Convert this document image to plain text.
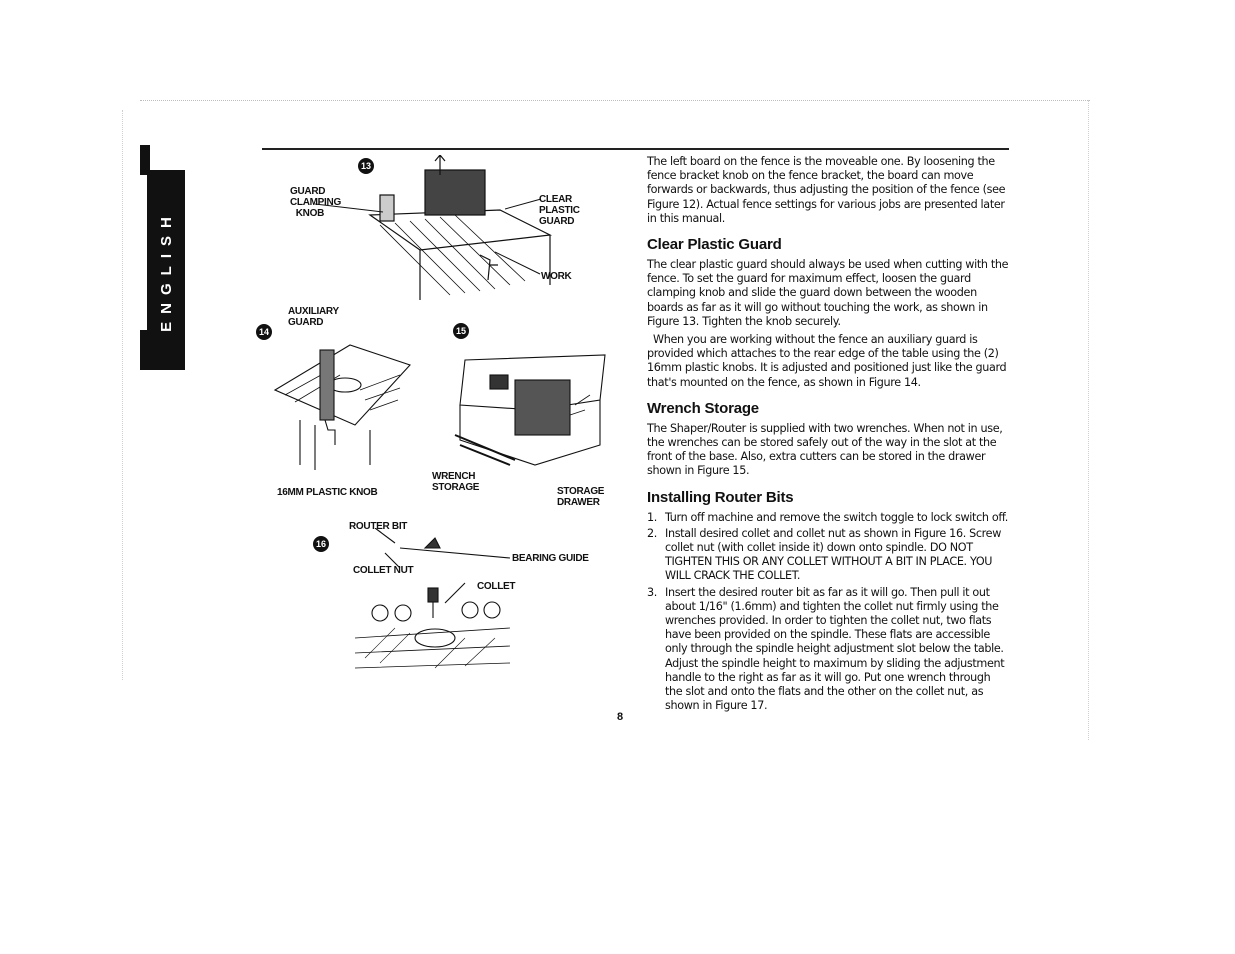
ENGLISH
13
GUARD
CLAMPING
KNOB
CLEAR
PLASTIC
GUARD
WORK
14
AUXILIARY
GUARD
16MM PLASTIC KNOB
15
WRENCH
STORAGE	STORAGE
DRAWER
ROUTER BIT
16
BEARING GUIDE
COLLET NUT
COLLET

The left board on the fence is the moveable one. By loosening the fence bracket knob on the fence bracket, the board can move forwards or backwards, thus adjusting the position of the fence (see Figure 12). Actual fence settings for various jobs are presented later in this manual.

Clear Plastic Guard

The clear plastic guard should always be used when cutting with the fence. To set the guard for maximum effect, loosen the guard clamping knob and slide the guard down between the wooden boards as far as it will go without touching the work, as shown in Figure 13. Tighten the knob securely.

When you are working without the fence an auxiliary guard is provided which attaches to the rear edge of the table using the (2) 16mm plastic knobs. It is adjusted and positioned just like the guard that's mounted on the fence, as shown in Figure 14.

Wrench Storage

The Shaper/Router is supplied with two wrenches. When not in use, the wrenches can be stored safely out of the way in the slot at the front of the base. Also, extra cutters can be stored in the drawer shown in Figure 15.

Installing Router Bits
1. Turn off machine and remove the switch toggle to lock switch off.
2. Install desired collet and collet nut as shown in Figure 16. Screw collet nut (with collet inside it) down onto spindle. DO NOT TIGHTEN THIS OR ANY COLLET WITHOUT A BIT IN PLACE. YOU WILL CRACK THE COLLET.
3. Insert the desired router bit as far as it will go. Then pull it out about 1/16" (1.6mm) and tighten the collet nut firmly using the wrenches provided. In order to tighten the collet nut, two flats have been provided on the spindle. These flats are accessible only through the spindle height adjustment slot below the table. Adjust the spindle height to maximum by sliding the adjustment handle to the right as far as it will go. Put one wrench through the slot and onto the flats and the other on the collet nut, as shown in Figure 17.
8
